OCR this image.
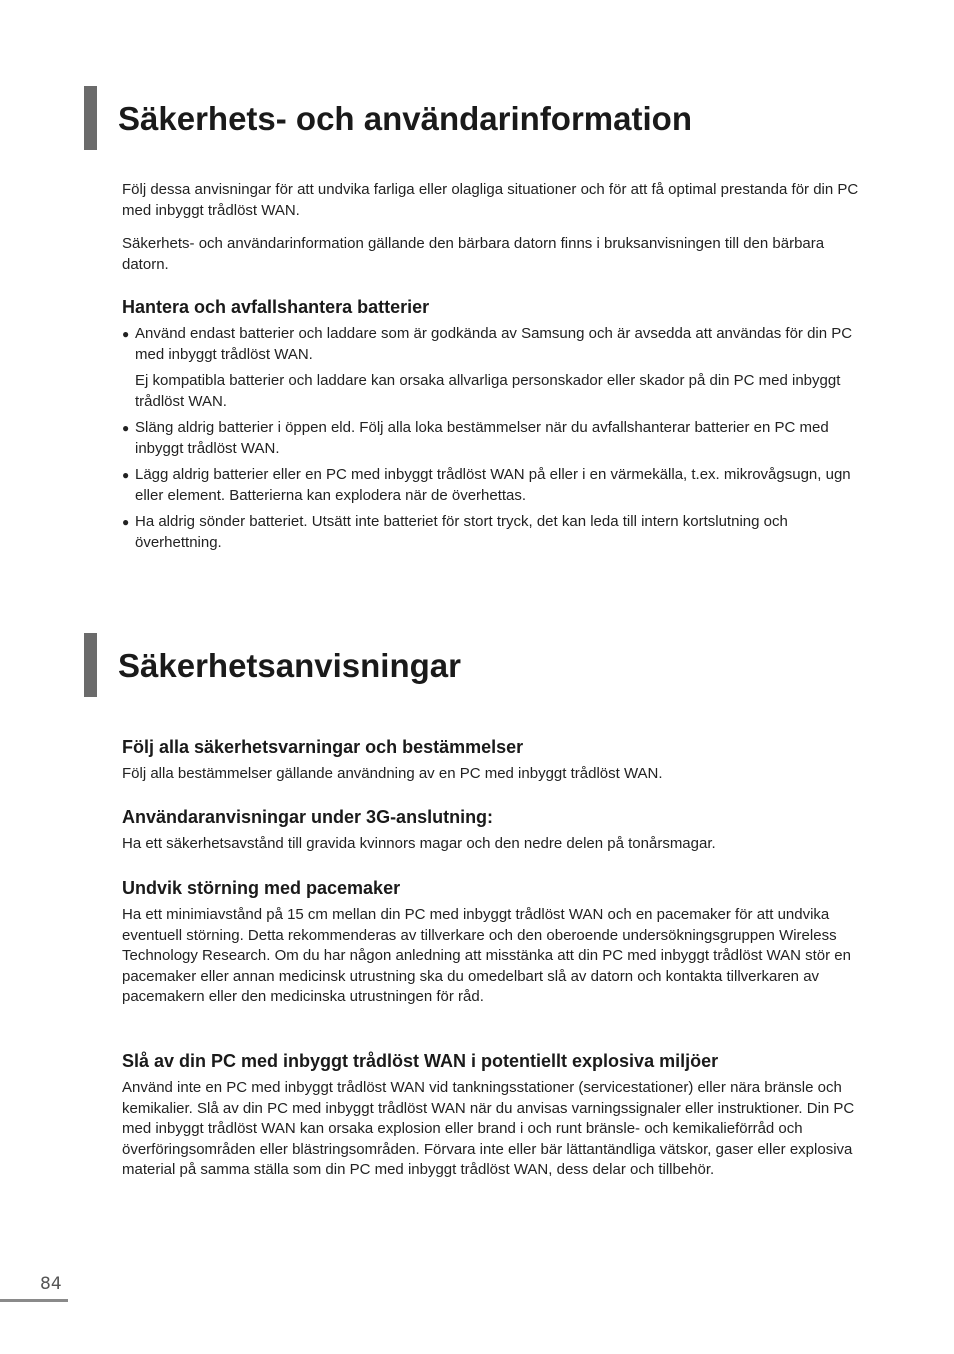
Säkerhets- och användarinformation

Följ dessa anvisningar för att undvika farliga eller olagliga situationer och för att få optimal prestanda för din PC med inbyggt trådlöst WAN.

Säkerhets- och användarinformation gällande den bärbara datorn finns i bruksanvisningen till den bärbara datorn.

Hantera och avfallshantera batterier
● Använd endast batterier och laddare som är godkända av Samsung och är avsedda att användas för din PC med inbyggt trådlöst WAN.
Ej kompatibla batterier och laddare kan orsaka allvarliga personskador eller skador på din PC med inbyggt trådlöst WAN.
● Släng aldrig batterier i öppen eld. Följ alla loka bestämmelser när du avfallshanterar batterier en PC med inbyggt trådlöst WAN.
● Lägg aldrig batterier eller en PC med inbyggt trådlöst WAN på eller i en värmekälla, t.ex. mikrovågsugn, ugn eller element. Batterierna kan explodera när de överhettas.
● Ha aldrig sönder batteriet. Utsätt inte batteriet för stort tryck, det kan leda till intern kortslutning och överhettning.
Säkerhetsanvisningar
Följ alla säkerhetsvarningar och bestämmelser

Följ alla bestämmelser gällande användning av en PC med inbyggt trådlöst WAN.

Användaranvisningar under 3G-anslutning:

Ha ett säkerhetsavstånd till gravida kvinnors magar och den nedre delen på tonårsmagar.

Undvik störning med pacemaker

Ha ett minimiavstånd på 15 cm mellan din PC med inbyggt trådlöst WAN och en pacemaker för att undvika eventuell störning. Detta rekommenderas av tillverkare och den oberoende undersökningsgruppen Wireless Technology Research. Om du har någon anledning att misstänka att din PC med inbyggt trådlöst WAN stör en pacemaker eller annan medicinsk utrustning ska du omedelbart slå av datorn och kontakta tillverkaren av pacemakern eller den medicinska utrustningen för råd.

Slå av din PC med inbyggt trådlöst WAN i potentiellt explosiva miljöer

Använd inte en PC med inbyggt trådlöst WAN vid tankningsstationer (servicestationer) eller nära bränsle och kemikalier. Slå av din PC med inbyggt trådlöst WAN när du anvisas varningssignaler eller instruktioner. Din PC med inbyggt trådlöst WAN kan orsaka explosion eller brand i och runt bränsle- och kemikalieförråd och överföringsområden eller blästringsområden. Förvara inte eller bär lättantändliga vätskor, gaser eller explosiva material på samma ställa som din PC med inbyggt trådlöst WAN, dess delar och tillbehör.

84
